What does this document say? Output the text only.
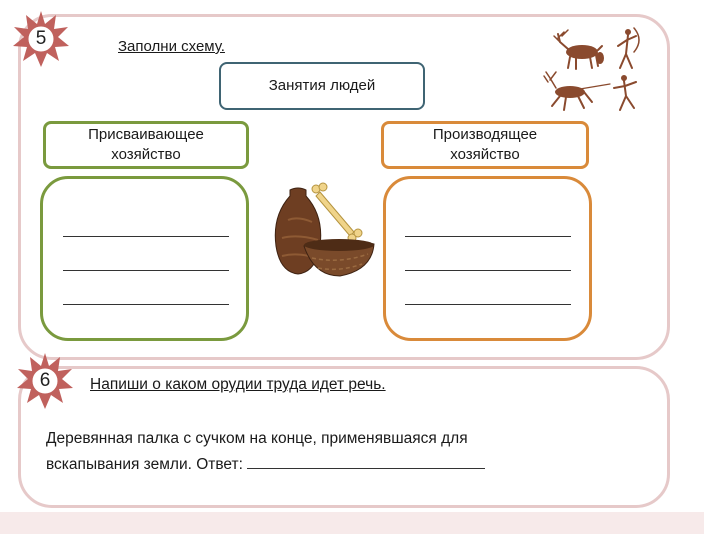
5
6
Заполни схему.
Занятия людей
Присваивающее
хозяйство
Производящее
хозяйство
Напиши о каком орудии труда идет речь.
Деревянная палка с сучком на конце, применявшаяся для
вскапывания земли. Ответ:
